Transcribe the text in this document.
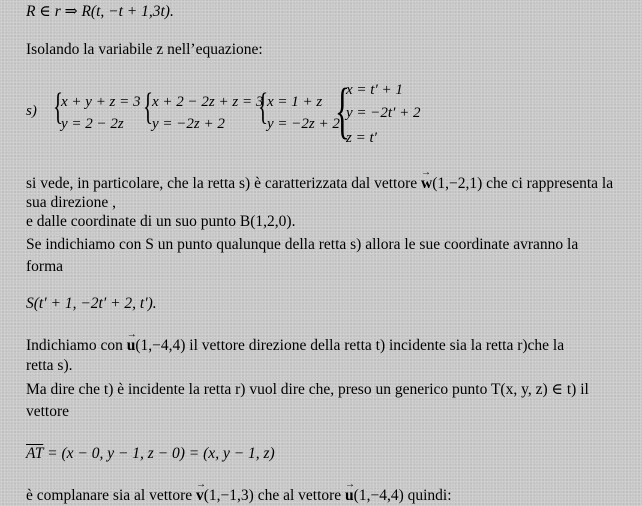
R ∈ r ⇒ R(t, −t + 1,3t).
Isolando la variabile z nell’equazione:
s) {
x + y + z = 3
y = 2 − 2z {
x + 2 − 2z + z = 3
y = −2z + 2 {
x = 1 + z
y = −2z + 2
{
x = t′ + 1
y = −2t′ + 2
z = t′
si vede, in particolare, che la retta s) è caratterizzata dal vettore → w(1,−2,1) che ci rappresenta la
sua direzione ,
e dalle coordinate di un suo punto B(1,2,0).
Se indichiamo con S un punto qualunque della retta s) allora le sue coordinate avranno la
forma
S(t′ + 1, −2t′ + 2, t′).
Indichiamo con → u(1,−4,4) il vettore direzione della retta t) incidente sia la retta r)che la
retta s).
Ma dire che t) è incidente la retta r) vuol dire che, preso un generico punto T(x, y, z) ∈ t) il
vettore
$\overline{AT} = (x - 0$, y − 1, z − 0) = (x, y − 1, z)
è complanare sia al vettore → v(1,−1,3) che al vettore → u(1,−4,4) quindi:
